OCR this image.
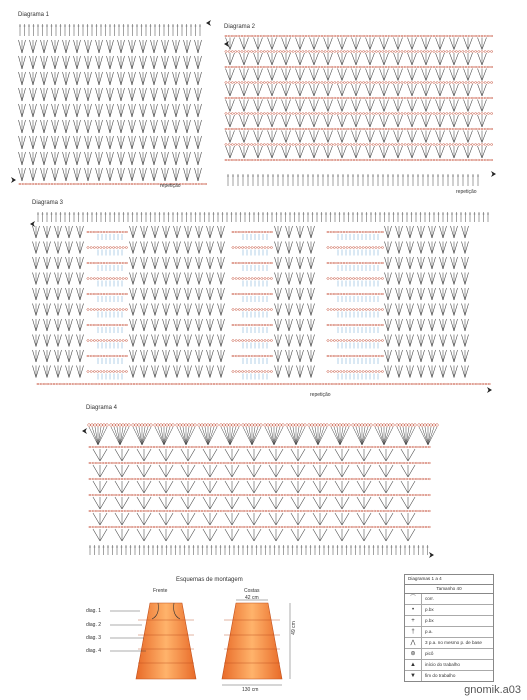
Diagrama 1
repetição
Diagrama 2
repetição
Diagrama 3
repetição
Diagrama 4
Esquemas de montagem
Frente	Costas
42 cm
49 cm
130 cm
diag. 1
diag. 2
diag. 3
diag. 4
Diagramas 1 a 4
Tamanho 40
⌒	corr.
•	p.bx
+	p.bx
†	p.a.
⋀	3 p.a. no mesmo p. de base
⊛	picô
▲	início do trabalho
▼	fim do trabalho
gnomik.a03
